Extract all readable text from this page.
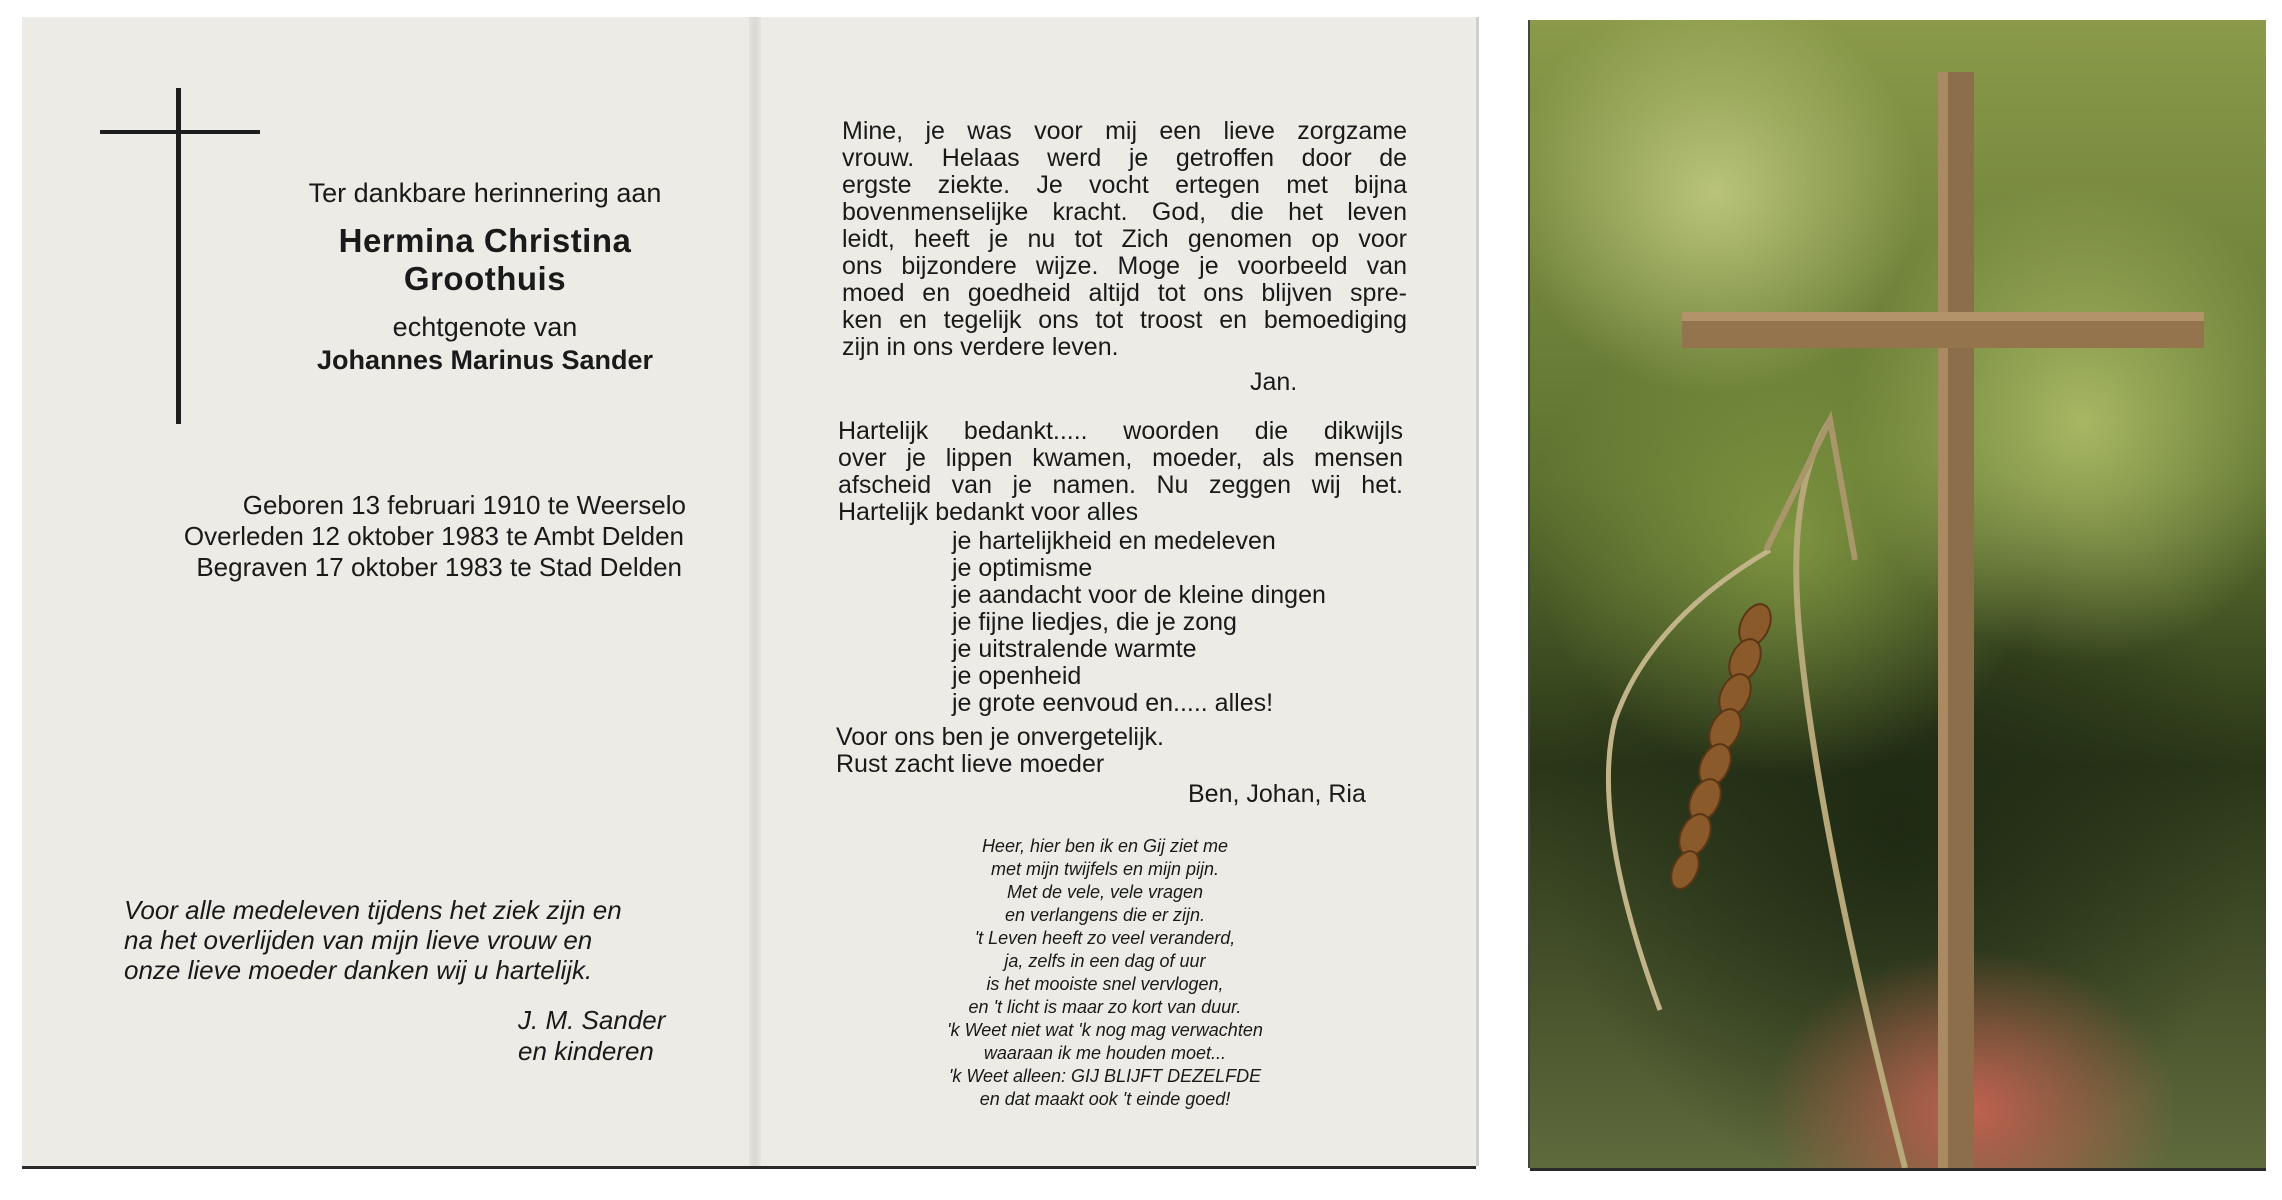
Ter dankbare herinnering aan
Hermina Christina
Groothuis
echtgenote van
Johannes Marinus Sander
Geboren 13 februari 1910 te Weerselo
Overleden 12 oktober 1983 te Ambt Delden
Begraven 17 oktober 1983 te Stad Delden
Voor alle medeleven tijdens het ziek zijn en
na het overlijden van mijn lieve vrouw en
onze lieve moeder danken wij u hartelijk.
J. M. Sander
en kinderen
Mine, je was voor mij een lieve zorgzame
vrouw. Helaas werd je getroffen door de
ergste ziekte. Je vocht ertegen met bijna
bovenmenselijke kracht. God, die het leven
leidt, heeft je nu tot Zich genomen op voor
ons bijzondere wijze. Moge je voorbeeld van
moed en goedheid altijd tot ons blijven spre-
ken en tegelijk ons tot troost en bemoediging
zijn in ons verdere leven.
Jan.
Hartelijk bedankt..... woorden die dikwijls
over je lippen kwamen, moeder, als mensen
afscheid van je namen. Nu zeggen wij het.
Hartelijk bedankt voor alles
je hartelijkheid en medeleven
je optimisme
je aandacht voor de kleine dingen
je fijne liedjes, die je zong
je uitstralende warmte
je openheid
je grote eenvoud en..... alles!
Voor ons ben je onvergetelijk.
Rust zacht lieve moeder
Ben, Johan, Ria
Heer, hier ben ik en Gij ziet me
met mijn twijfels en mijn pijn.
Met de vele, vele vragen
en verlangens die er zijn.
't Leven heeft zo veel veranderd,
ja, zelfs in een dag of uur
is het mooiste snel vervlogen,
en 't licht is maar zo kort van duur.
'k Weet niet wat 'k nog mag verwachten
waaraan ik me houden moet...
'k Weet alleen: GIJ BLIJFT DEZELFDE
en dat maakt ook 't einde goed!
